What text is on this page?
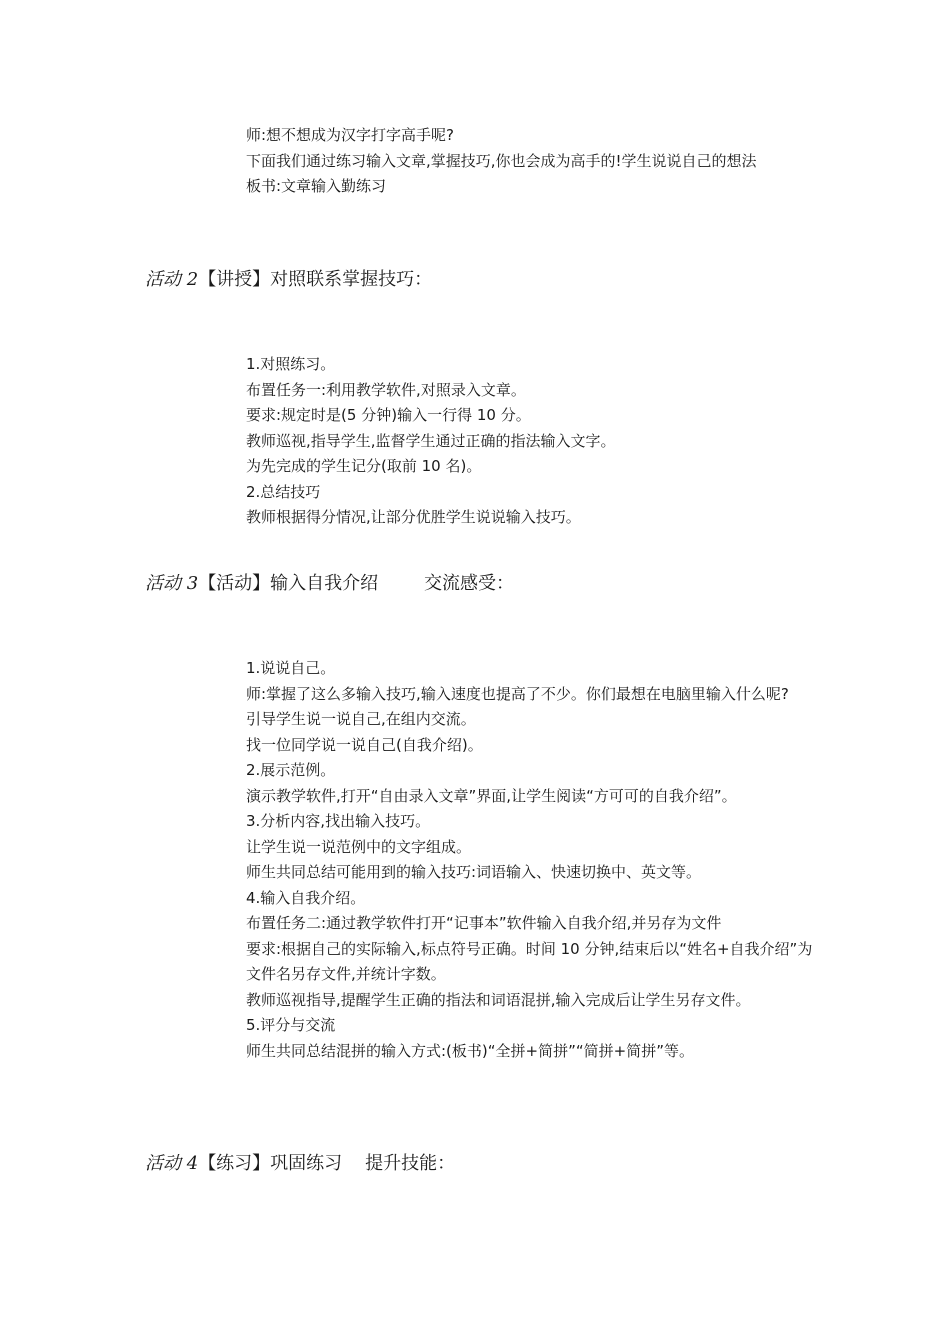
师:想不想成为汉字打字高手呢?

下面我们通过练习输入文章,掌握技巧,你也会成为高手的!学生说说自己的想法

板书:文章输入勤练习

活动 2【讲授】对照联系掌握技巧：

1.对照练习。

布置任务一:利用教学软件,对照录入文章。

要求:规定时是(5 分钟)输入一行得 10 分。

教师巡视,指导学生,监督学生通过正确的指法输入文字。

为先完成的学生记分(取前 10 名)。

2.总结技巧

教师根据得分情况,让部分优胜学生说说输入技巧。

活动 3【活动】输入自我介绍        交流感受：

1.说说自己。

师:掌握了这么多输入技巧,输入速度也提高了不少。你们最想在电脑里输入什么呢?

引导学生说一说自己,在组内交流。

找一位同学说一说自己(自我介绍)。

2.展示范例。

演示教学软件,打开“自由录入文章”界面,让学生阅读“方可可的自我介绍”。

3.分析内容,找出输入技巧。

让学生说一说范例中的文字组成。

师生共同总结可能用到的输入技巧:词语输入、快速切换中、英文等。

4.输入自我介绍。

布置任务二:通过教学软件打开“记事本”软件输入自我介绍,并另存为文件

要求:根据自己的实际输入,标点符号正确。时间 10 分钟,结束后以“姓名+自我介绍”为文件名另存文件,并统计字数。

教师巡视指导,提醒学生正确的指法和词语混拼,输入完成后让学生另存文件。

5.评分与交流

师生共同总结混拼的输入方式:(板书)“全拼+简拼”“简拼+简拼”等。

活动 4【练习】巩固练习    提升技能：
